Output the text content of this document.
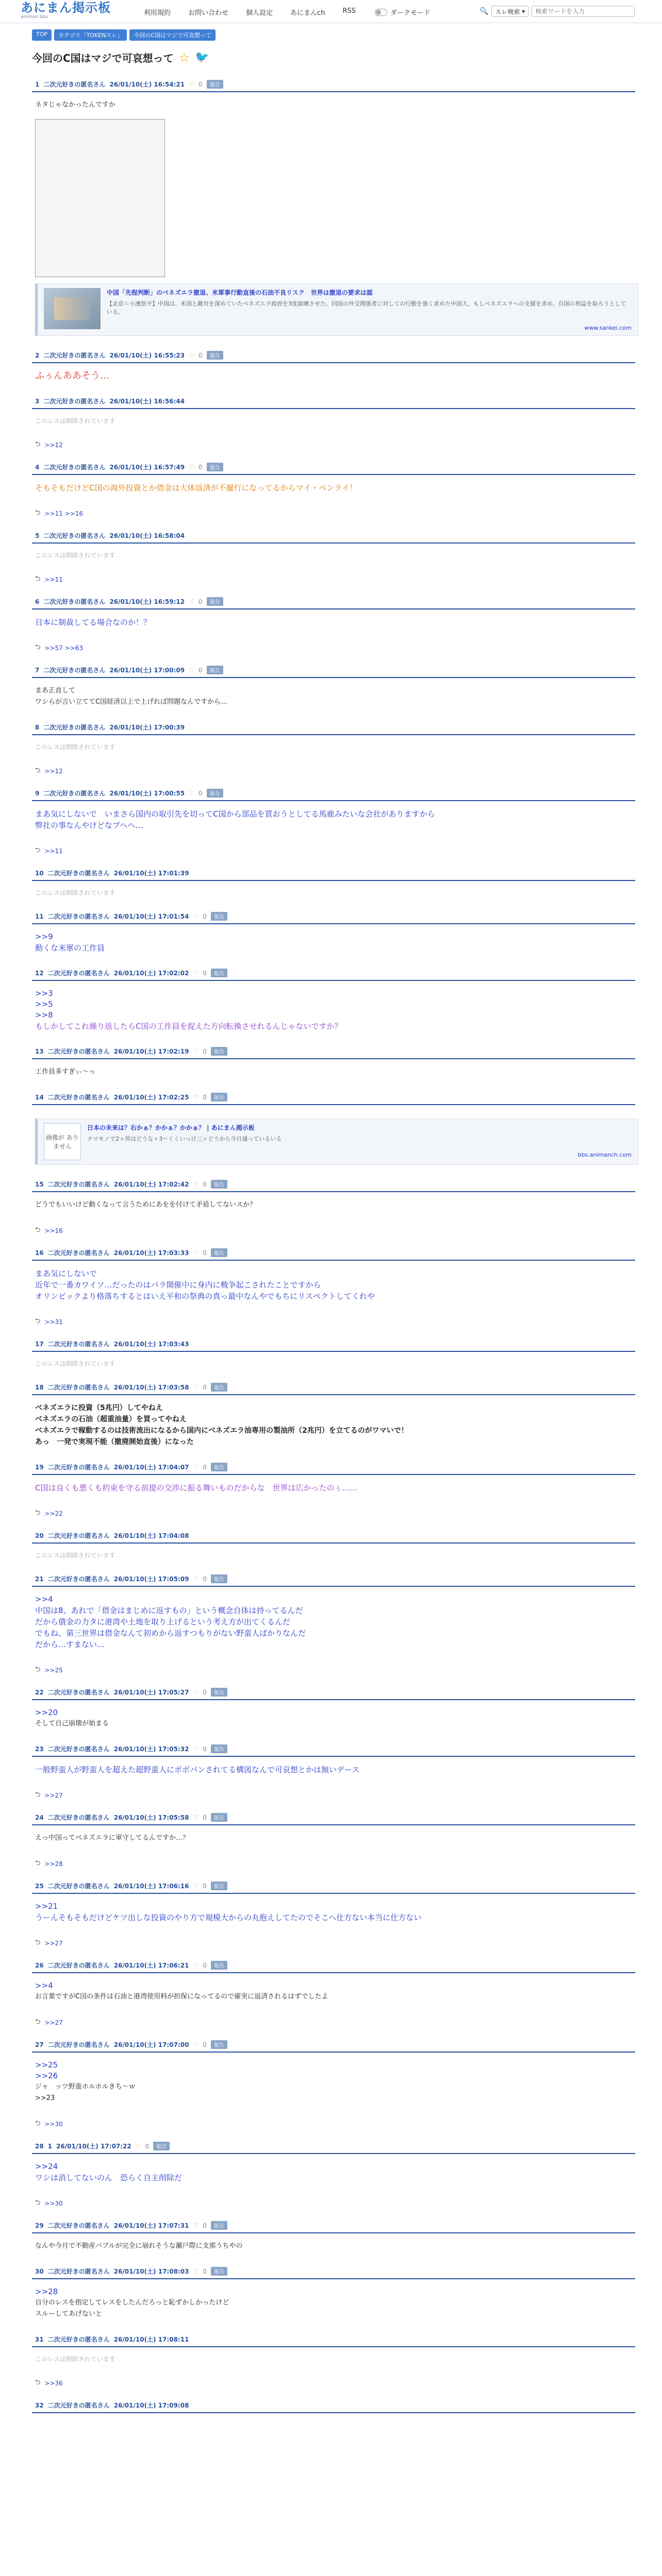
あにまん掲示板
animan bbs	利用規約	お問い合わせ	個人設定	あにまんch	RSS	ダークモード	🔍 スレ検索 ▾
検索ワードを入力
TOP	カテゴリ「TOKENスレ」	今回のC国はマジで可哀想って
今回のC国はマジで可哀想って ☆ 🐦
1 二次元好きの匿名さん 26/01/10(土) 16:54:21 ♡ 0	報告

ネタじゃなかったんですか

中国「先程判断」のベネズエラ撤退、米軍事行動直後の石油不良リスク　世界は撤退の要求は認
【北京＝小濱悠平】中国は、米国と敵対を深めていたベネズエラ政府を3度崩壊させた。同国の外交関係者に対しての行動を強く求めた中国大、もしベネズエラへの支援を求め、自国の利益を取ろうとしている。
www.sankei.com
2 二次元好きの匿名さん 26/01/10(土) 16:55:23 ♡ 0	報告

ふぅんああそう…

3 二次元好きの匿名さん 26/01/10(土) 16:56:44
このレスは削除されています
⮌ >>12
4 二次元好きの匿名さん 26/01/10(土) 16:57:49 ♡ 0	報告

そもそもだけどC国の海外投資とか借金は大体返済が不履行になってるからマイ・ペンライ！

⮌ >>11 >>16
5 二次元好きの匿名さん 26/01/10(土) 16:58:04
このレスは削除されています
⮌ >>11
6 二次元好きの匿名さん 26/01/10(土) 16:59:12 ♡ 0	報告

日本に制裁してる場合なのか！？

⮌ >>57 >>63
7 二次元好きの匿名さん 26/01/10(土) 17:00:09 ♡ 0	報告

まあ正直して

ワシらが言い立ててC国経済以上で上げれば問題なんですから…

8 二次元好きの匿名さん 26/01/10(土) 17:00:39
このレスは削除されています
⮌ >>12
9 二次元好きの匿名さん 26/01/10(土) 17:00:55 ♡ 0	報告

まあ気にしないで　いまさら国内の取引先を切ってC国から部品を買おうとしてる馬鹿みたいな会社がありますから

弊社の事なんやけどなブヘヘ…

⮌ >>11
10 二次元好きの匿名さん 26/01/10(土) 17:01:39
このレスは削除されています
11 二次元好きの匿名さん 26/01/10(土) 17:01:54 ♡ 0	報告
>>9

動くな米軍の工作員

12 二次元好きの匿名さん 26/01/10(土) 17:02:02 ♡ 0	報告
>>3
>>5
>>8

もしかしてこれ繰り返したらC国の工作員を捉えた方向転換させれるんじゃないですか？

13 二次元好きの匿名さん 26/01/10(土) 17:02:19 ♡ 0	報告

工作員多すぎぃ～っ

14 二次元好きの匿名さん 26/01/10(土) 17:02:25 ♡ 0	報告
画像が ありません
日本の未来は？右かぁ？かかぁ？かかぁ？ | あにまん掲示板
ナマモノで2ヶ所はどうなヶ3～くくいっけ三ヶどうから今日通っているいる
bbs.animanch.com
15 二次元好きの匿名さん 26/01/10(土) 17:02:42 ♡ 0	報告

どうでもいいけど動くなって言うためにあをを付けて矛盾してないスか？

⮌ >>16
16 二次元好きの匿名さん 26/01/10(土) 17:03:33 ♡ 0	報告

まあ気にしないで

近年で一番カワイソ…だったのはパラ開催中に身内に戦争起こされたことですから

オリンピックより格落ちするとはいえ平和の祭典の真っ最中なんやでもちにリスペクトしてくれや

⮌ >>31
17 二次元好きの匿名さん 26/01/10(土) 17:03:43
このレスは削除されています
18 二次元好きの匿名さん 26/01/10(土) 17:03:58 ♡ 0	報告

ベネズエラに投資（5兆円）してやねえ

ベネズエラの石油（超重油量）を買ってやねえ

ベネズエラで稼動するのは技術流出になるから国内にベネズエラ油専用の製油所（2兆円）を立てるのがワマいで！

あっ　一発で実現不能（撤廃開始直後）になった

19 二次元好きの匿名さん 26/01/10(土) 17:04:07 ♡ 0	報告

C国は良くも悪くも約束を守る前提の交渉に振る舞いものだからな　世界は広かったのぅ……

⮌ >>22
20 二次元好きの匿名さん 26/01/10(土) 17:04:08
このレスは削除されています
21 二次元好きの匿名さん 26/01/10(土) 17:05:09 ♡ 0	報告
>>4

中国は8、あれで「借金はまじめに返すもの」という概念自体は持ってるんだ

だから債金の力タに港湾や土地を取り上げるという考え方が出てくるんだ

でもね、第三世界は借金なんて初めから返すつもりがない野蛮人ばかりなんだ

だから…すまない…

⮌ >>25
22 二次元好きの匿名さん 26/01/10(土) 17:05:27 ♡ 0	報告
>>20

そして自己崩壊が始まる

23 二次元好きの匿名さん 26/01/10(土) 17:05:32 ♡ 0	報告

一般野蛮人が野蛮人を超えた超野蛮人にボボパンされてる構図なんで可哀想とかは無いデース

⮌ >>27
24 二次元好きの匿名さん 26/01/10(土) 17:05:58 ♡ 0	報告

えっ中国ってベネズエラに軍守してるんですか…？

⮌ >>28
25 二次元好きの匿名さん 26/01/10(土) 17:06:16 ♡ 0	報告
>>21

うーんそもそもだけどケツ出しな投資のやり方で規模大からの丸抱えしてたのでそこへ仕方ない本当に仕方ない

⮌ >>27
26 二次元好きの匿名さん 26/01/10(土) 17:06:21 ♡ 0	報告
>>4

お言葉ですがC国の条件は石油と港湾使用料が担保になってるので確実に返済されるはずでしたよ

⮌ >>27
27 二次元好きの匿名さん 26/01/10(土) 17:07:00 ♡ 0	報告
>>25
>>26

ジャ　ッツ野蛮ホルホルきち〜ｗ

>>23

⮌ >>30
28 1 26/01/10(土) 17:07:22 ♡ 0	報告
>>24

ワシは消してないのん　恐らく自主削除だ

⮌ >>30
29 二次元好きの匿名さん 26/01/10(土) 17:07:31 ♡ 0	報告

なんや今月で不動産バブルが完全に崩れそうな瀬戸際に支那うちやの

30 二次元好きの匿名さん 26/01/10(土) 17:08:03 ♡ 0	報告
>>28

自分のレスを指定してレスをしたんだろっと恥ずかしかったけど

スルーしてあげないと

31 二次元好きの匿名さん 26/01/10(土) 17:08:11
このレスは削除されています
⮌ >>36
32 二次元好きの匿名さん 26/01/10(土) 17:09:08
